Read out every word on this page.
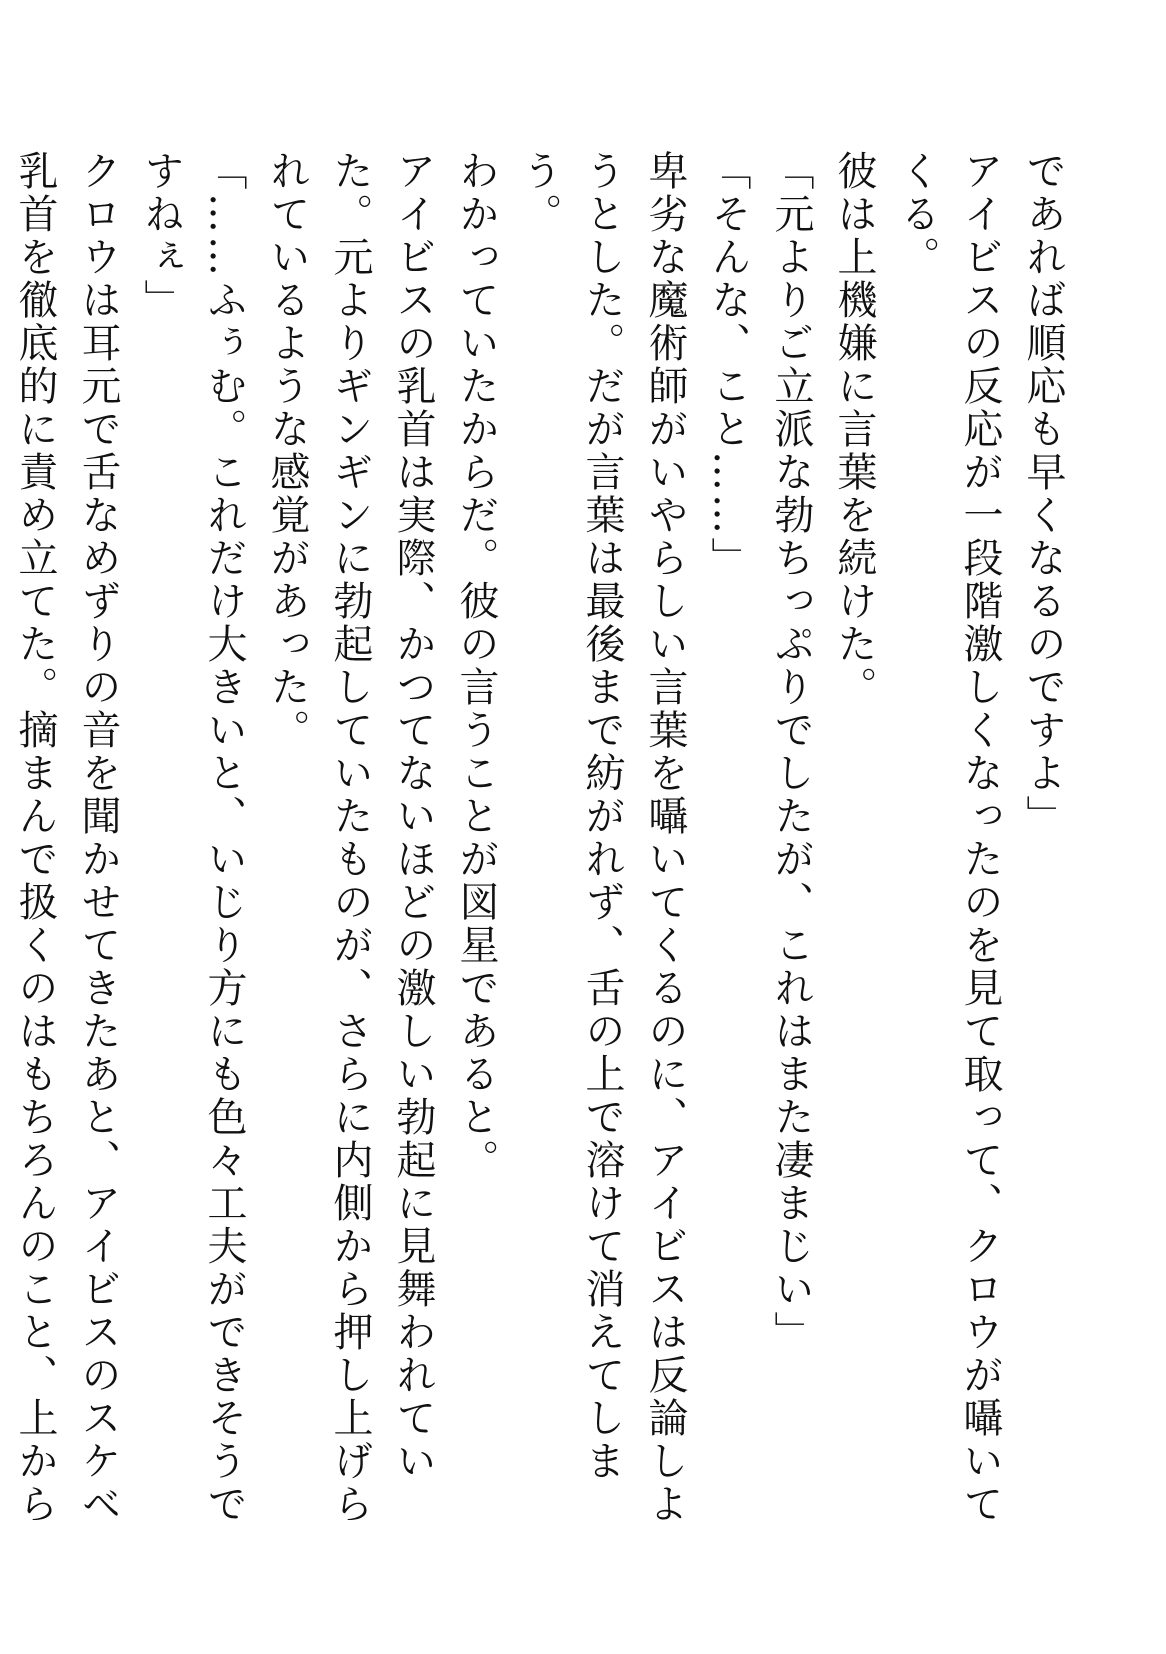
であれば順応も早くなるのですよ」

アイビスの反応が一段階激しくなったのを見て取って、クロウが囁いてくる。

彼は上機嫌に言葉を続けた。

「元よりご立派な勃ちっぷりでしたが、これはまた凄まじい」

「そんな、こと……」

卑劣な魔術師がいやらしい言葉を囁いてくるのに、アイビスは反論しようとした。だが言葉は最後まで紡がれず、舌の上で溶けて消えてしまう。

わかっていたからだ。彼の言うことが図星であると。

アイビスの乳首は実際、かつてないほどの激しい勃起に見舞われていた。元よりギンギンに勃起していたものが、さらに内側から押し上げられているような感覚があった。

「……ふぅむ。これだけ大きいと、いじり方にも色々工夫ができそうですねぇ」

クロウは耳元で舌なめずりの音を聞かせてきたあと、アイビスのスケベ乳首を徹底的に責め立てた。摘まんで扱くのはもちろんのこと、上から
